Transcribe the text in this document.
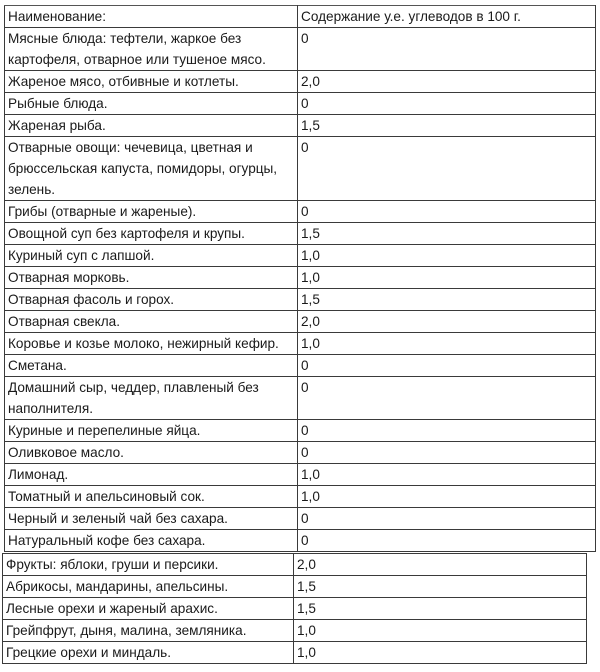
Наименование:	Содержание у.е. углеводов в 100 г.
Мясные блюда: тефтели, жаркое без картофеля, отварное или тушеное мясо.	0
Жареное мясо, отбивные и котлеты.	2,0
Рыбные блюда.	0
Жареная рыба.	1,5
Отварные овощи: чечевица, цветная и брюссельская капуста, помидоры, огурцы, зелень.	0
Грибы (отварные и жареные).	0
Овощной суп без картофеля и крупы.	1,5
Куриный суп с лапшой.	1,0
Отварная морковь.	1,0
Отварная фасоль и горох.	1,5
Отварная свекла.	2,0
Коровье и козье молоко, нежирный кефир.	1,0
Сметана.	0
Домашний сыр, чеддер, плавленый без наполнителя.	0
Куриные и перепелиные яйца.	0
Оливковое масло.	0
Лимонад.	1,0
Томатный и апельсиновый сок.	1,0
Черный и зеленый чай без сахара.	0
Натуральный кофе без сахара.	0
Фрукты: яблоки, груши и персики.	2,0
Абрикосы, мандарины, апельсины.	1,5
Лесные орехи и жареный арахис.	1,5
Грейпфрут, дыня, малина, земляника.	1,0
Грецкие орехи и миндаль.	1,0
